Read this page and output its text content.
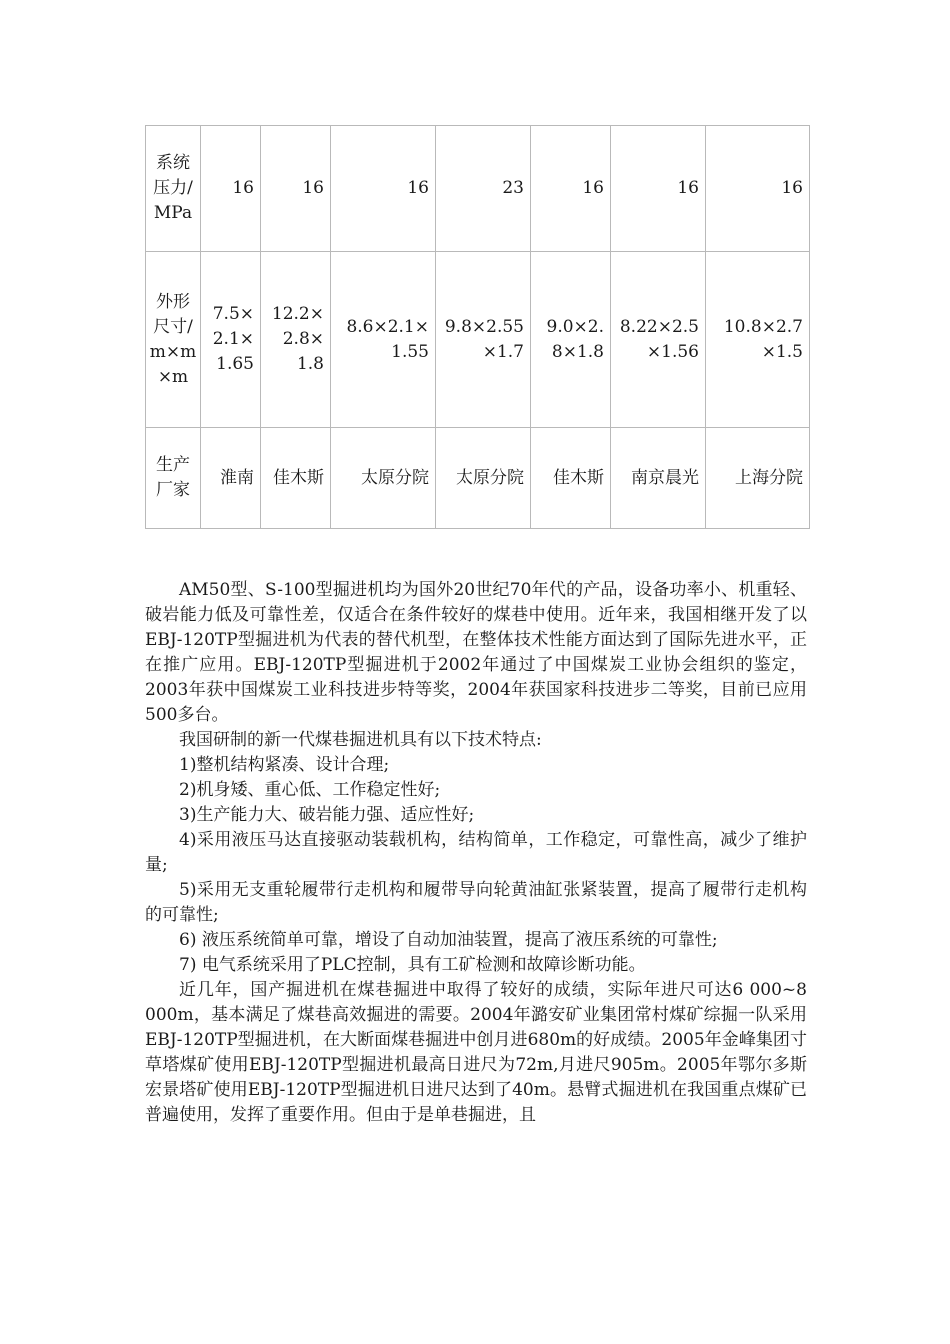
系统压力/MPa	16	16	16	23	16	16	16
外形尺寸/m×m×m	7.5×2.1×1.65	12.2×2.8×1.8	8.6×2.1×1.55	9.8×2.55×1.7	9.0×2.8×1.8	8.22×2.5×1.56	10.8×2.7×1.5
生产厂家	淮南	佳木斯	太原分院	太原分院	佳木斯	南京晨光	上海分院

AM50型、S-100型掘进机均为国外20世纪70年代的产品，设备功率小、机重轻、破岩能力低及可靠性差，仅适合在条件较好的煤巷中使用。近年来，我国相继开发了以EBJ-120TP型掘进机为代表的替代机型，在整体技术性能方面达到了国际先进水平，正在推广应用。EBJ-120TP型掘进机于2002年通过了中国煤炭工业协会组织的鉴定，2003年获中国煤炭工业科技进步特等奖，2004年获国家科技进步二等奖，目前已应用500多台。

我国研制的新一代煤巷掘进机具有以下技术特点:

1)整机结构紧凑、设计合理;

2)机身矮、重心低、工作稳定性好;

3)生产能力大、破岩能力强、适应性好;

4)采用液压马达直接驱动装载机构，结构简单，工作稳定，可靠性高，减少了维护量;

5)采用无支重轮履带行走机构和履带导向轮黄油缸张紧装置，提高了履带行走机构的可靠性;

6) 液压系统简单可靠，增设了自动加油装置，提高了液压系统的可靠性;

7) 电气系统采用了PLC控制，具有工矿检测和故障诊断功能。

近几年，国产掘进机在煤巷掘进中取得了较好的成绩，实际年进尺可达6 000~8 000m，基本满足了煤巷高效掘进的需要。2004年潞安矿业集团常村煤矿综掘一队采用 EBJ-120TP型掘进机，在大断面煤巷掘进中创月进680m的好成绩。2005年金峰集团寸草塔煤矿使用EBJ-120TP型掘进机最高日进尺为72m,月进尺905m。2005年鄂尔多斯宏景塔矿使用EBJ-120TP型掘进机日进尺达到了40m。悬臂式掘进机在我国重点煤矿已普遍使用，发挥了重要作用。但由于是单巷掘进，且
